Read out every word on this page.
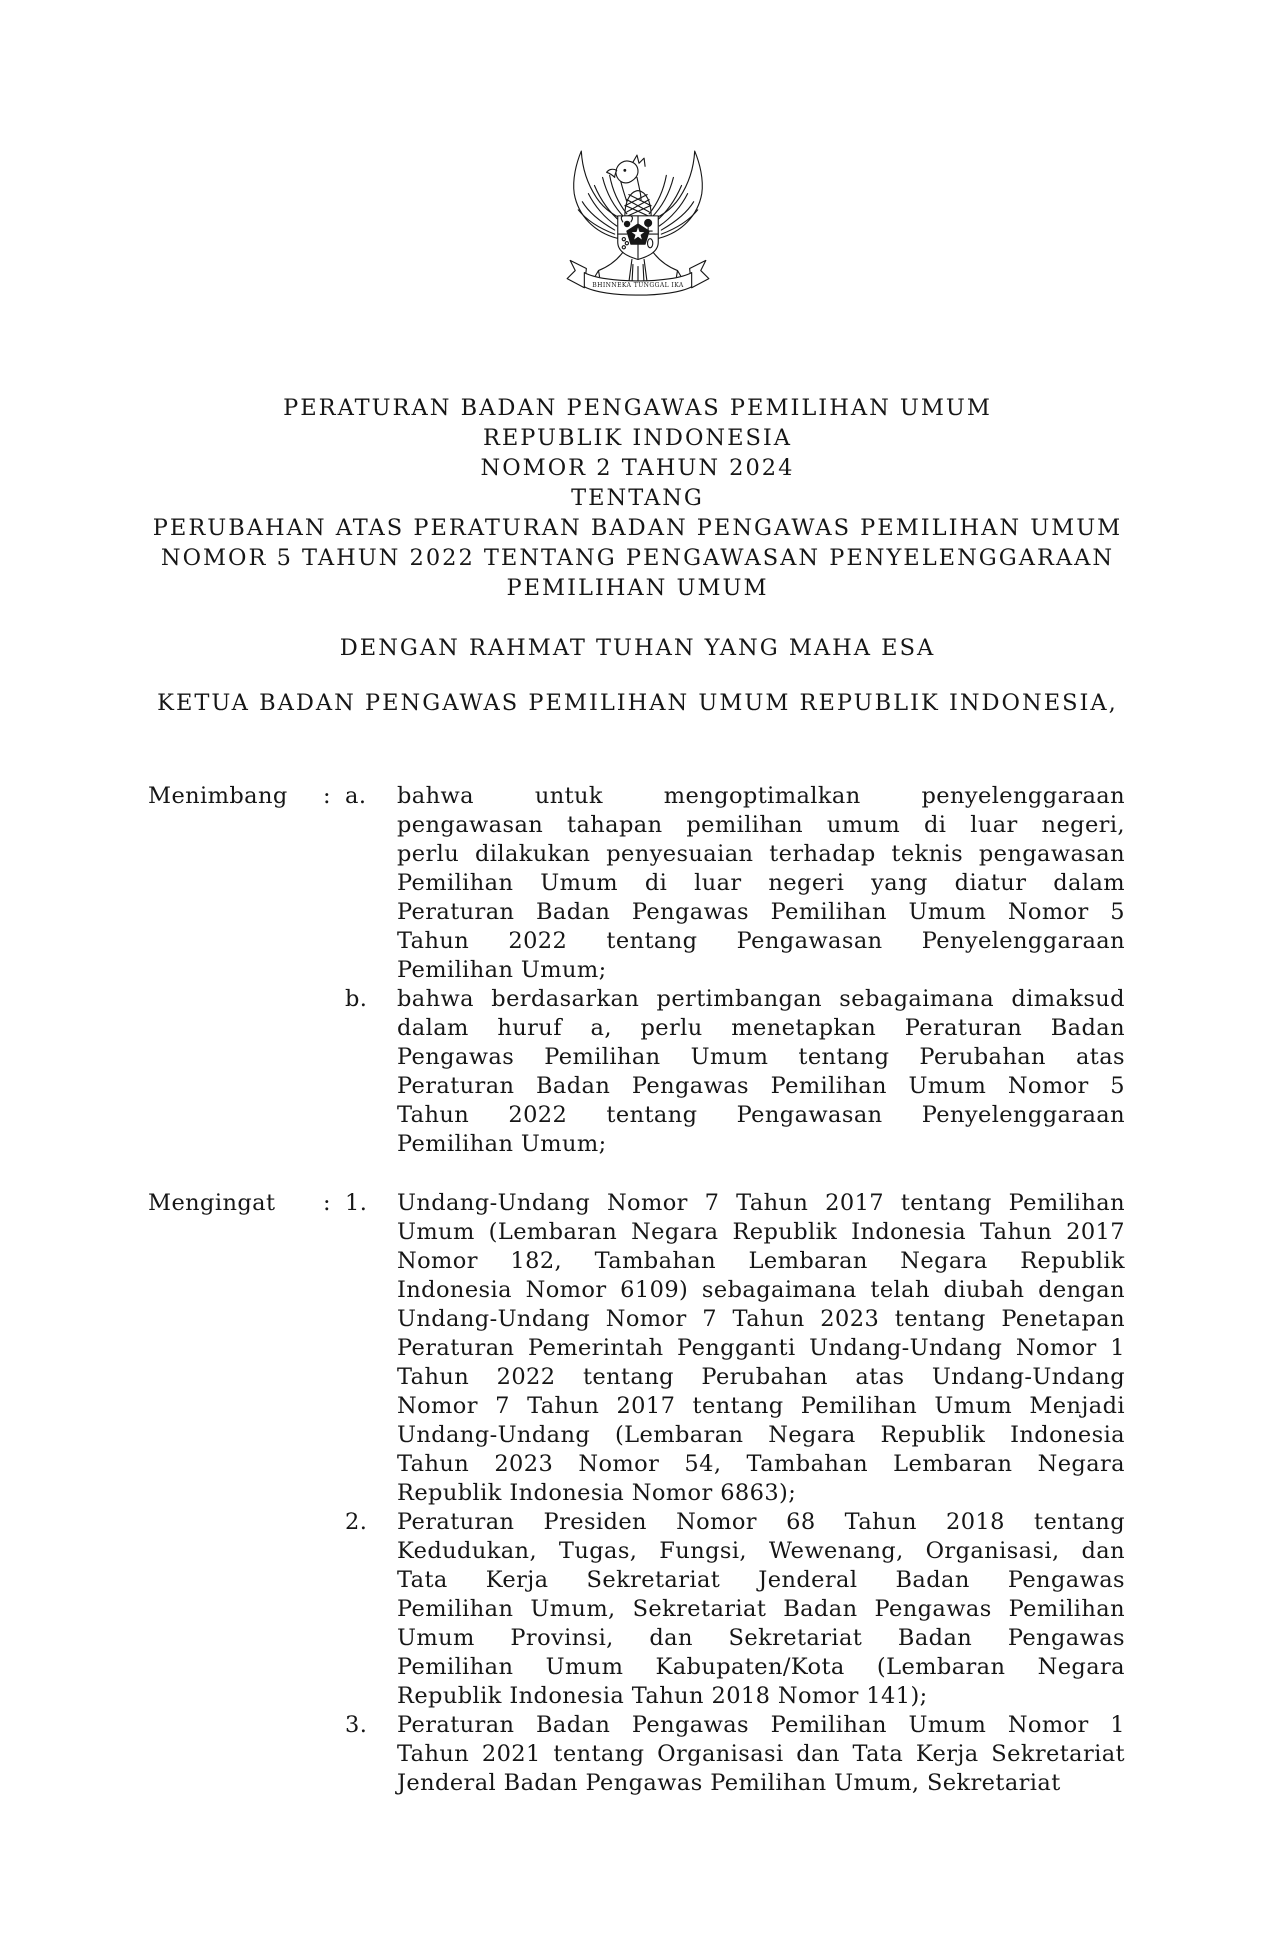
BHINNEKA TUNGGAL IKA
PERATURAN BADAN PENGAWAS PEMILIHAN UMUM
REPUBLIK INDONESIA
NOMOR 2 TAHUN 2024
TENTANG
PERUBAHAN ATAS PERATURAN BADAN PENGAWAS PEMILIHAN UMUM
NOMOR 5 TAHUN 2022 TENTANG PENGAWASAN PENYELENGGARAAN
PEMILIHAN UMUM
DENGAN RAHMAT TUHAN YANG MAHA ESA
KETUA BADAN PENGAWAS PEMILIHAN UMUM REPUBLIK INDONESIA,
Menimbang	: a.	bahwa untuk mengoptimalkan penyelenggaraan
pengawasan tahapan pemilihan umum di luar negeri,
perlu dilakukan penyesuaian terhadap teknis pengawasan
Pemilihan Umum di luar negeri yang diatur dalam
Peraturan Badan Pengawas Pemilihan Umum Nomor 5
Tahun 2022 tentang Pengawasan Penyelenggaraan
Pemilihan Umum;
b.	bahwa berdasarkan pertimbangan sebagaimana dimaksud
dalam huruf a, perlu menetapkan Peraturan Badan
Pengawas Pemilihan Umum tentang Perubahan atas
Peraturan Badan Pengawas Pemilihan Umum Nomor 5
Tahun 2022 tentang Pengawasan Penyelenggaraan
Pemilihan Umum;
Mengingat	: 1.	Undang-Undang Nomor 7 Tahun 2017 tentang Pemilihan
Umum (Lembaran Negara Republik Indonesia Tahun 2017
Nomor 182, Tambahan Lembaran Negara Republik
Indonesia Nomor 6109) sebagaimana telah diubah dengan
Undang-Undang Nomor 7 Tahun 2023 tentang Penetapan
Peraturan Pemerintah Pengganti Undang-Undang Nomor 1
Tahun 2022 tentang Perubahan atas Undang-Undang
Nomor 7 Tahun 2017 tentang Pemilihan Umum Menjadi
Undang-Undang (Lembaran Negara Republik Indonesia
Tahun 2023 Nomor 54, Tambahan Lembaran Negara
Republik Indonesia Nomor 6863);
2.	Peraturan Presiden Nomor 68 Tahun 2018 tentang
Kedudukan, Tugas, Fungsi, Wewenang, Organisasi, dan
Tata Kerja Sekretariat Jenderal Badan Pengawas
Pemilihan Umum, Sekretariat Badan Pengawas Pemilihan
Umum Provinsi, dan Sekretariat Badan Pengawas
Pemilihan Umum Kabupaten/Kota (Lembaran Negara
Republik Indonesia Tahun 2018 Nomor 141);
3.	Peraturan Badan Pengawas Pemilihan Umum Nomor 1
Tahun 2021 tentang Organisasi dan Tata Kerja Sekretariat
Jenderal Badan Pengawas Pemilihan Umum, Sekretariat
